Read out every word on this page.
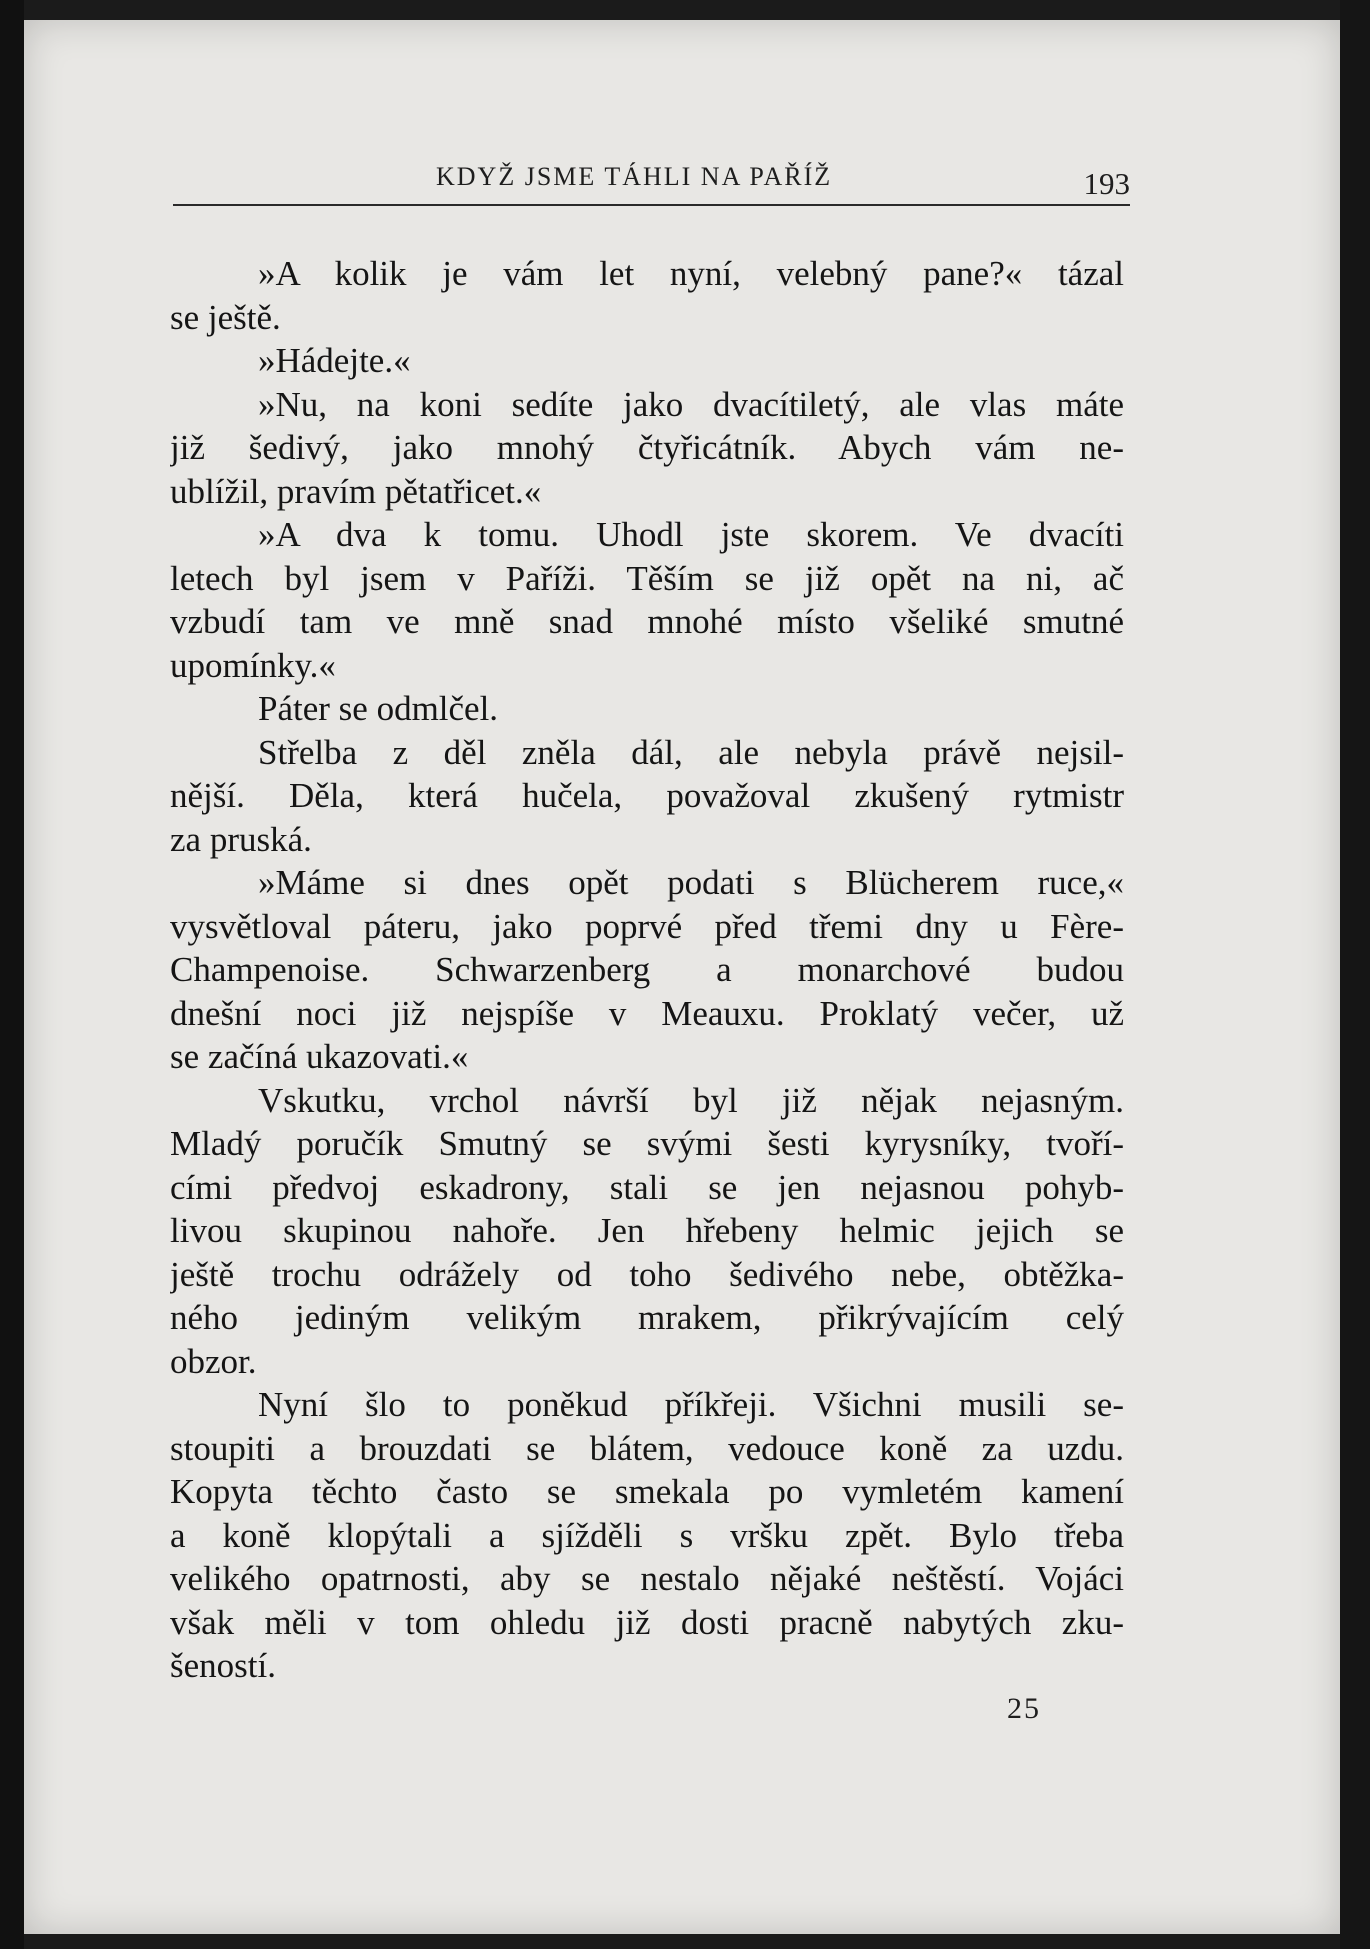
KDYŽ JSME TÁHLI NA PAŘÍŽ	193
»A kolik je vám let nyní, velebný pane?« tázal
se ještě.
»Hádejte.«
»Nu, na koni sedíte jako dvacítiletý, ale vlas máte
již šedivý, jako mnohý čtyřicátník. Abych vám ne-
ublížil, pravím pětatřicet.«
»A dva k tomu. Uhodl jste skorem. Ve dvacíti
letech byl jsem v Paříži. Těším se již opět na ni, ač
vzbudí tam ve mně snad mnohé místo všeliké smutné
upomínky.«
Páter se odmlčel.
Střelba z děl zněla dál, ale nebyla právě nejsil-
nější. Děla, která hučela, považoval zkušený rytmistr
za pruská.
»Máme si dnes opět podati s Blücherem ruce,«
vysvětloval páteru, jako poprvé před třemi dny u Fère-
Champenoise. Schwarzenberg a monarchové budou
dnešní noci již nejspíše v Meauxu. Proklatý večer, už
se začíná ukazovati.«
Vskutku, vrchol návrší byl již nějak nejasným.
Mladý poručík Smutný se svými šesti kyrysníky, tvoří-
cími předvoj eskadrony, stali se jen nejasnou pohyb-
livou skupinou nahoře. Jen hřebeny helmic jejich se
ještě trochu odrážely od toho šedivého nebe, obtěžka-
ného jediným velikým mrakem, přikrývajícím celý
obzor.
Nyní šlo to poněkud příkřeji. Všichni musili se-
stoupiti a brouzdati se blátem, vedouce koně za uzdu.
Kopyta těchto často se smekala po vymletém kamení
a koně klopýtali a sjížděli s vršku zpět. Bylo třeba
velikého opatrnosti, aby se nestalo nějaké neštěstí. Vojáci
však měli v tom ohledu již dosti pracně nabytých zku-
šeností.
25
